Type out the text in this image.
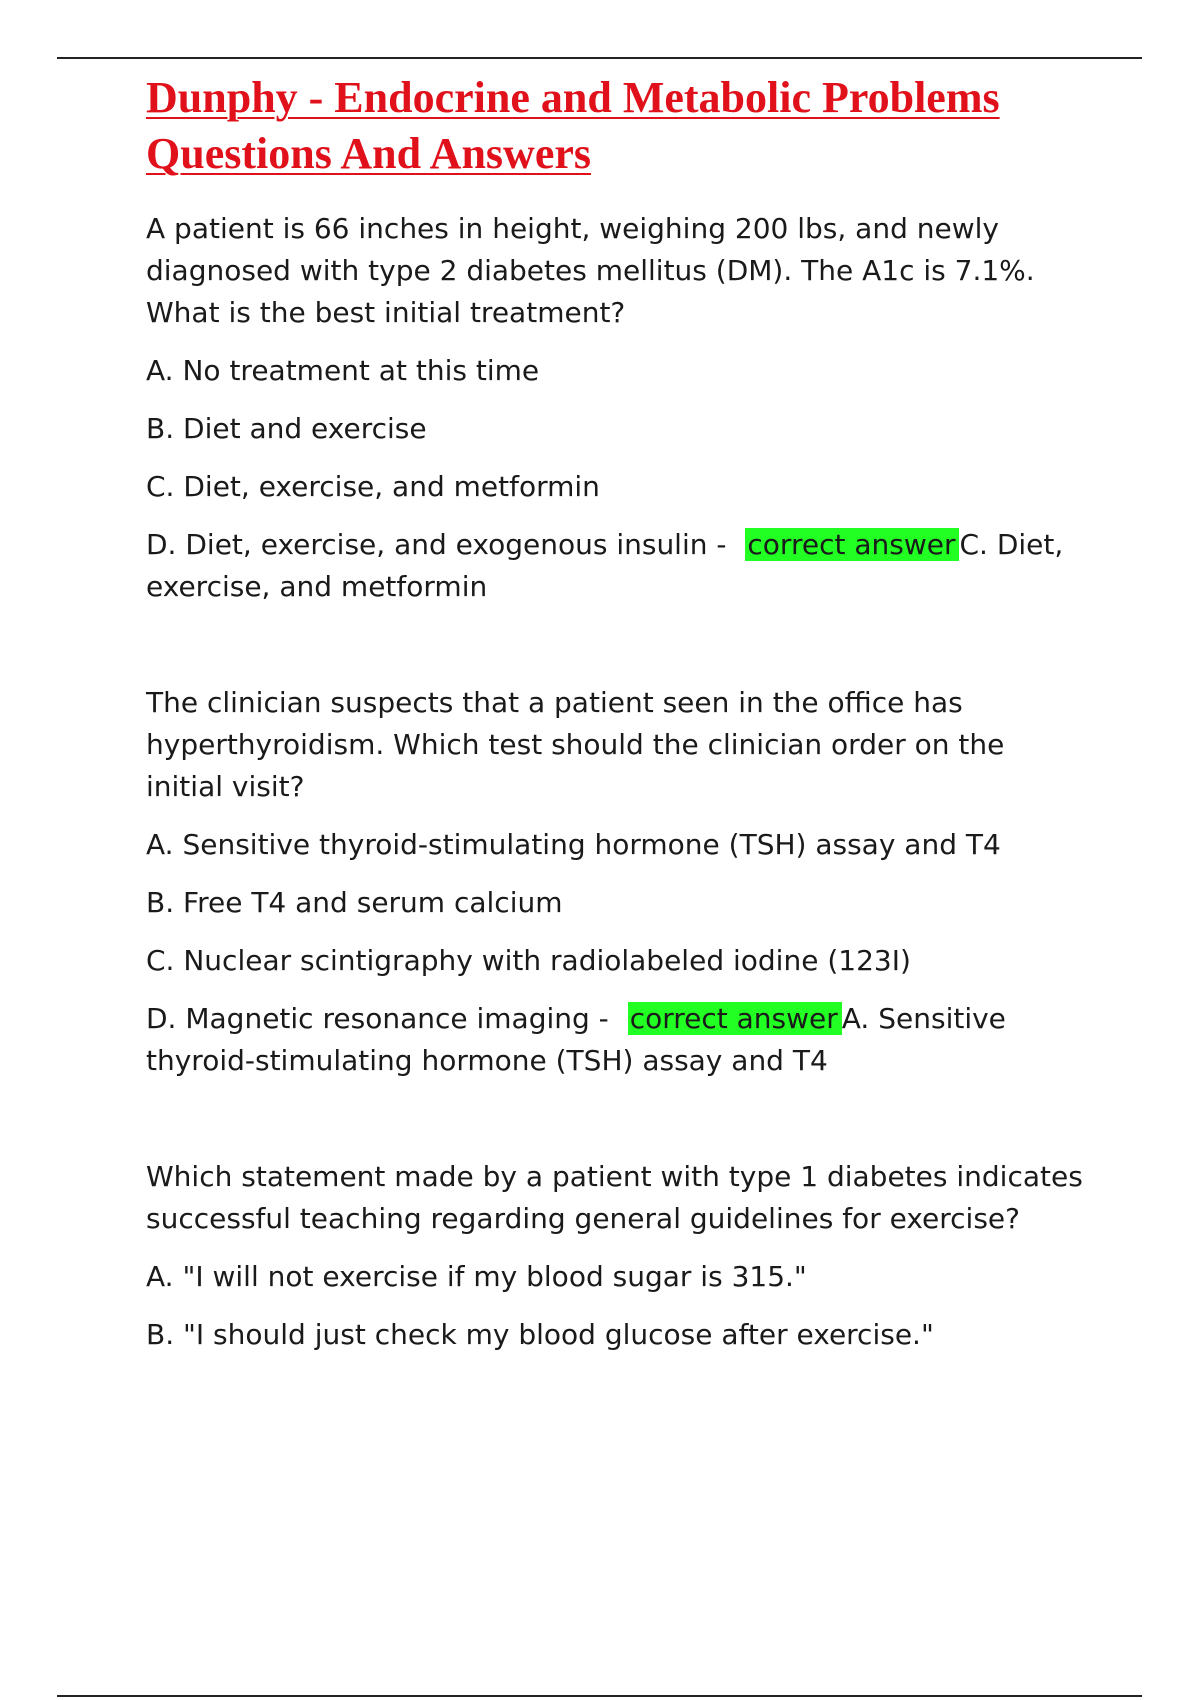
Dunphy - Endocrine and Metabolic Problems Questions And Answers

A patient is 66 inches in height, weighing 200 lbs, and newly diagnosed with type 2 diabetes mellitus (DM). The A1c is 7.1%. What is the best initial treatment?

A. No treatment at this time

B. Diet and exercise

C. Diet, exercise, and metformin

D. Diet, exercise, and exogenous insulin - correct answer C. Diet, exercise, and metformin

The clinician suspects that a patient seen in the office has hyperthyroidism. Which test should the clinician order on the initial visit?

A. Sensitive thyroid-stimulating hormone (TSH) assay and T4

B. Free T4 and serum calcium

C. Nuclear scintigraphy with radiolabeled iodine (123I)

D. Magnetic resonance imaging - correct answer A. Sensitive thyroid-stimulating hormone (TSH) assay and T4

Which statement made by a patient with type 1 diabetes indicates successful teaching regarding general guidelines for exercise?

A. "I will not exercise if my blood sugar is 315."

B. "I should just check my blood glucose after exercise."
